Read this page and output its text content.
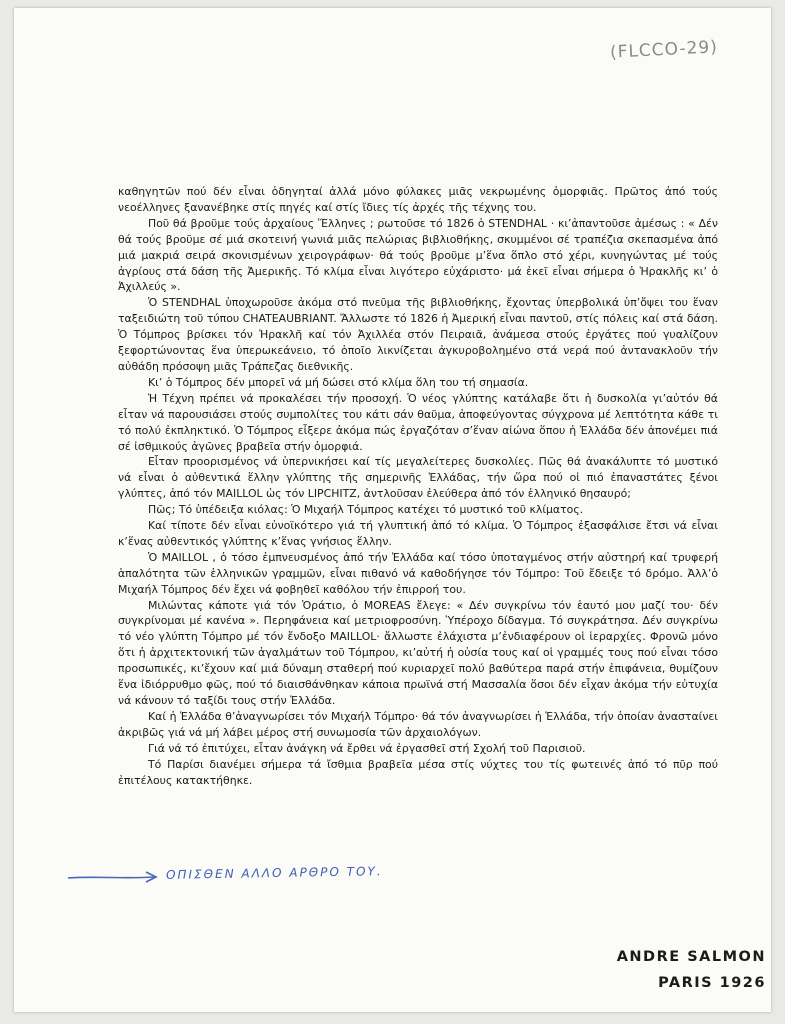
(FLCCO-29)

καθηγητῶν πού δέν εἶναι ὁδηγηταί ἀλλά μόνο φύλακες μιᾶς νεκρωμένης ὀμορφιᾶς. Πρῶτος ἀπό τούς νεοέλληνες ξανανέβηκε στίς πηγές καί στίς ἴδιες τίς ἀρχές τῆς τέχνης του.

Ποῦ θά βροῦμε τούς ἀρχαίους Ἕλληνες ; ρωτοῦσε τό 1826 ὁ STENDHAL · κι’ἀπαντοῦσε ἀμέσως : « Δέν θά τούς βροῦμε σέ μιά σκοτεινή γωνιά μιᾶς πελώριας βιβλιοθήκης, σκυμμένοι σέ τραπέζια σκεπασμένα ἀπό μιά μακριά σειρά σκονισμένων χειρογράφων· θά τούς βροῦμε μ’ἕνα ὅπλο στό χέρι, κυνηγώντας μέ τούς ἀγρίους στά δάση τῆς Ἀμερικῆς. Τό κλίμα εἶναι λιγότερο εὐχάριστο· μά ἐκεῖ εἶναι σήμερα ὁ Ἡρακλῆς κι’ ὁ Ἀχιλλεύς ».

Ὁ STENDHAL ὑποχωροῦσε ἀκόμα στό πνεῦμα τῆς βιβλιοθήκης, ἔχοντας ὑπερβολικά ὑπ’ὄψει του ἕναν ταξειδιώτη τοῦ τύπου CHATEAUBRIANT. Ἄλλωστε τό 1826 ἡ Ἀμερική εἶναι παντοῦ, στίς πόλεις καί στά δάση. Ὁ Τόμπρος βρίσκει τόν Ἡρακλῆ καί τόν Ἀχιλλέα στόν Πειραιᾶ, ἀνάμεσα στούς ἐργάτες πού γυαλίζουν ξεφορτώνοντας ἕνα ὑπερωκεάνειο, τό ὁποῖο λικνίζεται ἀγκυροβολημένο στά νερά πού ἀντανακλοῦν τήν αὐθάδη πρόσοψη μιᾶς Τράπεζας διεθνικῆς.

Κι’ ὁ Τόμπρος δέν μπορεῖ νά μή δώσει στό κλίμα ὅλη του τή σημασία.

Ἡ Τέχνη πρέπει νά προκαλέσει τήν προσοχή. Ὁ νέος γλύπτης κατάλαβε ὅτι ἡ δυσκολία γι’αὐτόν θά εἶταν νά παρουσιάσει στούς συμπολίτες του κάτι σάν θαῦμα, ἀποφεύγοντας σύγχρονα μέ λεπτότητα κάθε τι τό πολύ ἐκπληκτικό. Ὁ Τόμπρος εἶξερε ἀκόμα πώς ἐργαζόταν σ’ἕναν αἰώνα ὅπου ἡ Ἑλλάδα δέν ἀπονέμει πιά σέ ἰσθμικούς ἀγῶνες βραβεῖα στήν ὀμορφιά.

Εἶταν προορισμένος νά ὑπερνικήσει καί τίς μεγαλείτερες δυσκολίες. Πῶς θά ἀνακάλυπτε τό μυστικό νά εἶναι ὁ αὐθεντικά ἕλλην γλύπτης τῆς σημερινῆς Ἑλλάδας, τήν ὥρα πού οἱ πιό ἐπαναστάτες ξένοι γλύπτες, ἀπό τόν MAILLOL ὡς τόν LIPCHITZ, ἀντλοῦσαν ἐλεύθερα ἀπό τόν ἑλληνικό θησαυρό;

Πῶς; Τό ὑπέδειξα κιόλας: Ὁ Μιχαήλ Τόμπρος κατέχει τό μυστικό τοῦ κλίματος.

Καί τίποτε δέν εἶναι εὐνοϊκότερο γιά τή γλυπτική ἀπό τό κλίμα. Ὁ Τόμπρος ἐξασφάλισε ἔτσι νά εἶναι κ’ἕνας αὐθεντικός γλύπτης κ’ἕνας γνήσιος ἕλλην.

Ὁ MAILLOL , ὁ τόσο ἐμπνευσμένος ἀπό τήν Ἑλλάδα καί τόσο ὑποταγμένος στήν αὐστηρή καί τρυφερή ἁπαλότητα τῶν ἑλληνικῶν γραμμῶν, εἶναι πιθανό νά καθοδήγησε τόν Τόμπρο: Τοῦ ἔδειξε τό δρόμο. Ἀλλ’ὁ Μιχαήλ Τόμπρος δέν ἔχει νά φοβηθεῖ καθόλου τήν ἐπιρροή του.

Μιλώντας κάποτε γιά τόν Ὁράτιο, ὁ MOREAS ἔλεγε: « Δέν συγκρίνω τόν ἑαυτό μου μαζί του· δέν συγκρίνομαι μέ κανένα ». Περηφάνεια καί μετριοφροσύνη. Ὑπέροχο δίδαγμα. Τό συγκράτησα. Δέν συγκρίνω τό νέο γλύπτη Τόμπρο μέ τόν ἔνδοξο MAILLOL· ἄλλωστε ἐλάχιστα μ’ἐνδιαφέρουν οἱ ἱεραρχίες. Φρονῶ μόνο ὅτι ἡ ἀρχιτεκτονική τῶν ἀγαλμάτων τοῦ Τόμπρου, κι’αὐτή ἡ οὐσία τους καί οἱ γραμμές τους πού εἶναι τόσο προσωπικές, κι’ἔχουν καί μιά δύναμη σταθερή πού κυριαρχεῖ πολύ βαθύτερα παρά στήν ἐπιφάνεια, θυμίζουν ἕνα ἰδιόρρυθμο φῶς, πού τό διαισθάνθηκαν κάποια πρωϊνά στή Μασσαλία ὅσοι δέν εἶχαν ἀκόμα τήν εὐτυχία νά κάνουν τό ταξίδι τους στήν Ἑλλάδα.

Καί ἡ Ἑλλάδα θ’ἀναγνωρίσει τόν Μιχαήλ Τόμπρο· θά τόν ἀναγνωρίσει ἡ Ἑλλάδα, τήν ὁποίαν ἀνασταίνει ἀκριβῶς γιά νά μή λάβει μέρος στή συνωμοσία τῶν ἀρχαιολόγων.

Γιά νά τό ἐπιτύχει, εἶταν ἀνάγκη νά ἔρθει νά ἐργασθεῖ στή Σχολή τοῦ Παρισιοῦ.

Τό Παρίσι διανέμει σήμερα τά ἴσθμια βραβεῖα μέσα στίς νύχτες του τίς φωτεινές ἀπό τό πῦρ πού ἐπιτέλους κατακτήθηκε.

ΟΠΙΣΘΕΝ ΑΛΛΟ ΑΡΘΡΟ ΤΟΥ.
ANDRE SALMON
PARIS 1926
